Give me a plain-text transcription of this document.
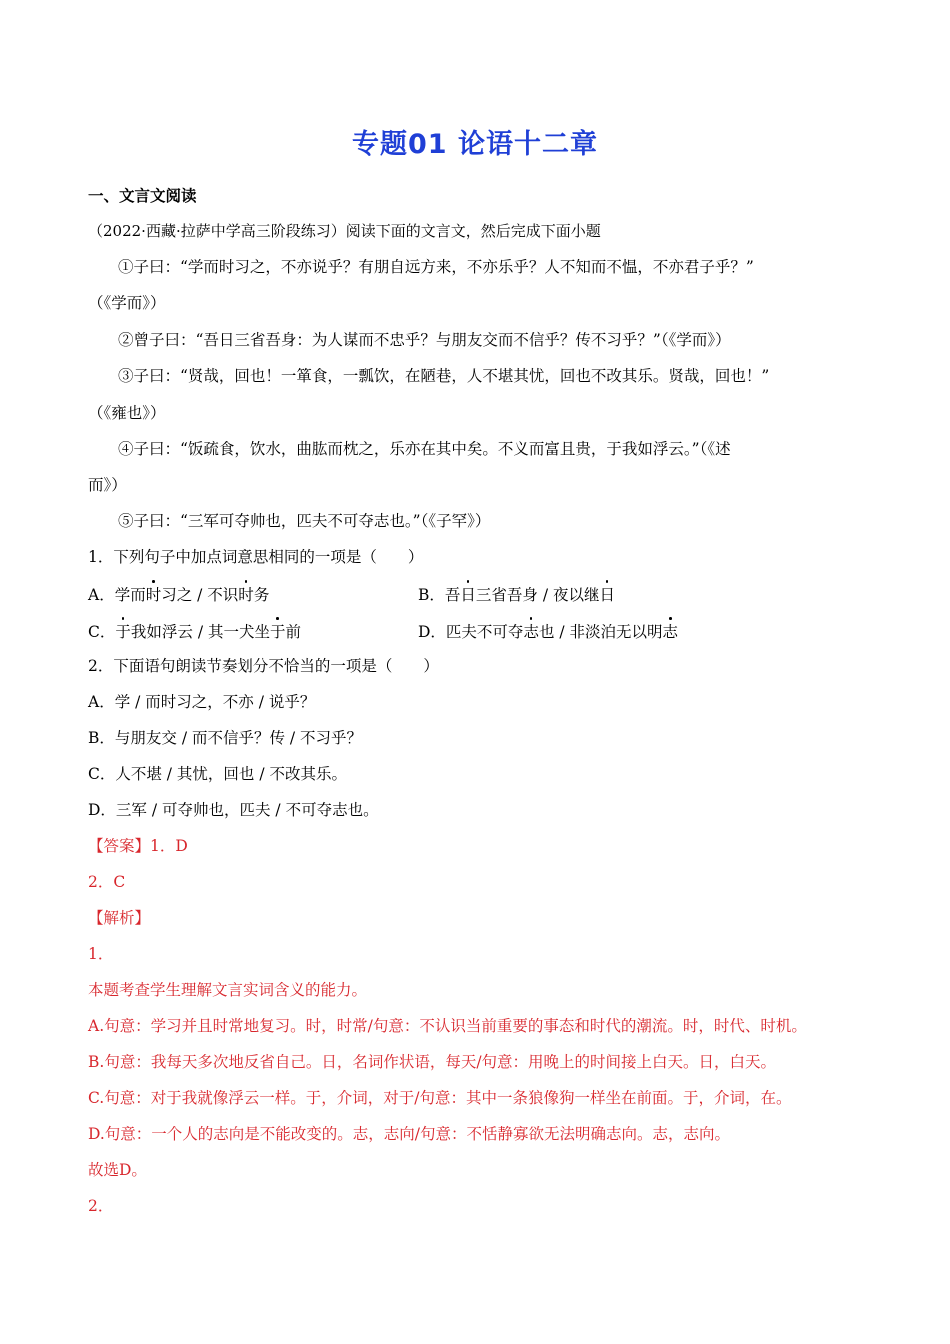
专题01 论语十二章
一、文言文阅读
（2022·西藏·拉萨中学高三阶段练习）阅读下面的文言文，然后完成下面小题
①子曰：“学而时习之，不亦说乎？有朋自远方来，不亦乐乎？人不知而不愠，不亦君子乎？”
（《学而》）
②曾子曰：“吾日三省吾身：为人谋而不忠乎？与朋友交而不信乎？传不习乎？”（《学而》）
③子曰：“贤哉，回也！一箪食，一瓢饮，在陋巷，人不堪其忧，回也不改其乐。贤哉，回也！”
（《雍也》）
④子曰：“饭疏食，饮水，曲肱而枕之，乐亦在其中矣。不义而富且贵，于我如浮云。”（《述
而》）
⑤子曰：“三军可夺帅也，匹夫不可夺志也。”（《子罕》）
1．下列句子中加点词意思相同的一项是（　　）
A．学而时习之 / 不识时务	B．吾日三省吾身 / 夜以继日
C．于我如浮云 / 其一犬坐于前	D．匹夫不可夺志也 / 非淡泊无以明志
2．下面语句朗读节奏划分不恰当的一项是（　　）
A．学 / 而时习之，不亦 / 说乎？
B．与朋友交 / 而不信乎？传 / 不习乎？
C．人不堪 / 其忧，回也 / 不改其乐。
D．三军 / 可夺帅也，匹夫 / 不可夺志也。
【答案】1．D
2．C
【解析】
1．
本题考查学生理解文言实词含义的能力。
A.句意：学习并且时常地复习。时，时常/句意：不认识当前重要的事态和时代的潮流。时，时代、时机。
B.句意：我每天多次地反省自己。日，名词作状语，每天/句意：用晚上的时间接上白天。日，白天。
C.句意：对于我就像浮云一样。于，介词，对于/句意：其中一条狼像狗一样坐在前面。于，介词，在。
D.句意：一个人的志向是不能改变的。志，志向/句意：不恬静寡欲无法明确志向。志，志向。
故选D。
2．
